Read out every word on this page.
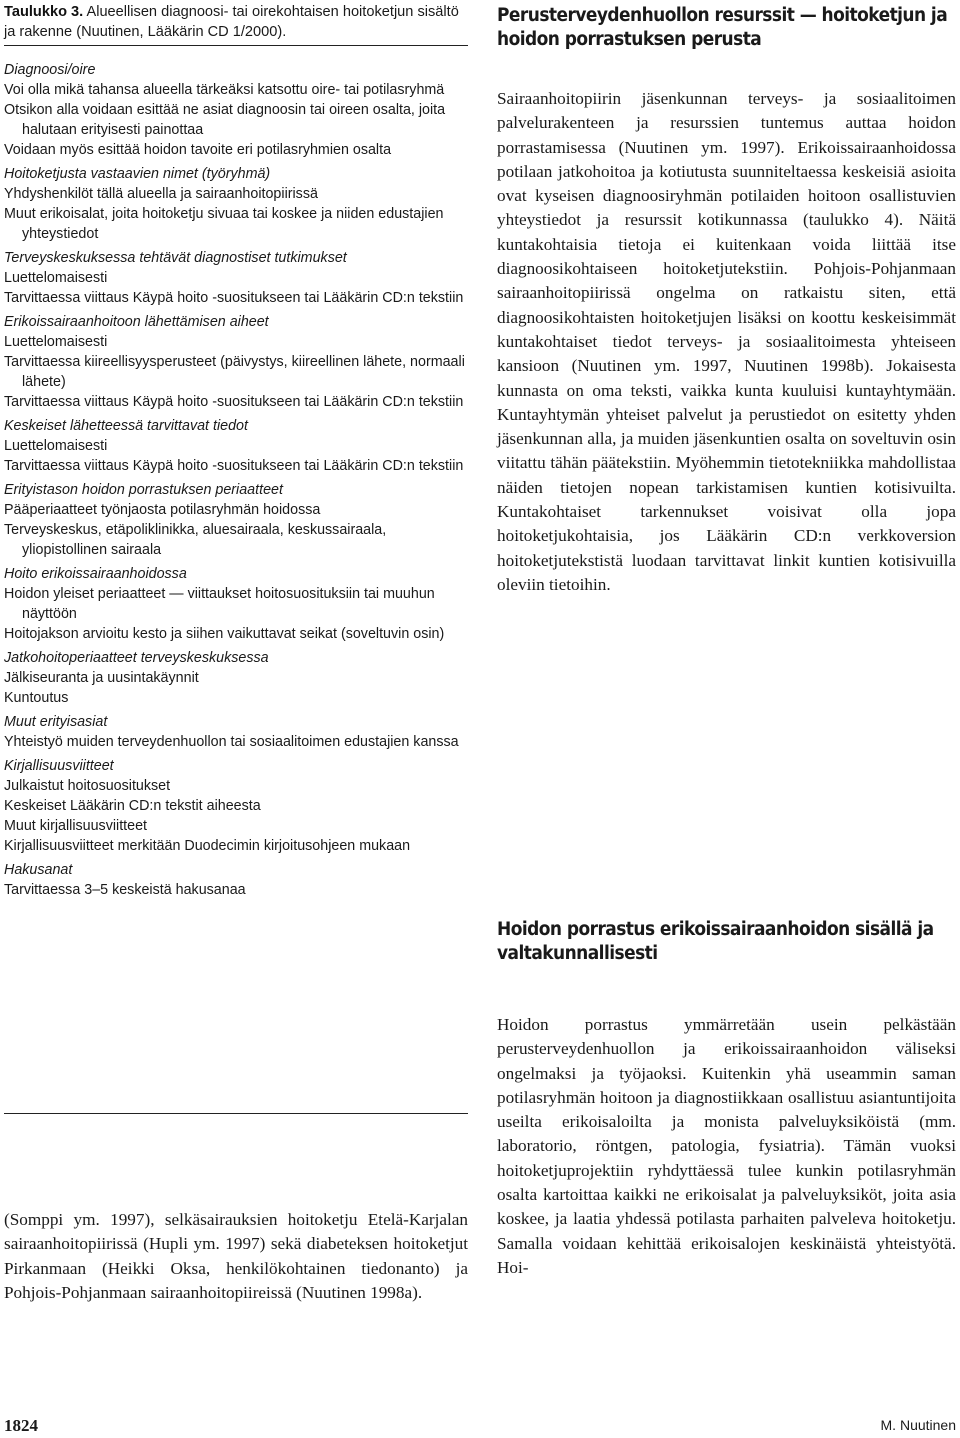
Taulukko 3. Alueellisen diagnoosi- tai oirekohtaisen hoitoketjun sisältö ja rakenne (Nuutinen, Lääkärin CD 1/2000).

Diagnoosi/oire

Voi olla mikä tahansa alueella tärkeäksi katsottu oire- tai potilasryhmä

Otsikon alla voidaan esittää ne asiat diagnoosin tai oireen osalta, joita halutaan erityisesti painottaa

Voidaan myös esittää hoidon tavoite eri potilasryhmien osalta

Hoitoketjusta vastaavien nimet (työryhmä)

Yhdyshenkilöt tällä alueella ja sairaanhoitopiirissä

Muut erikoisalat, joita hoitoketju sivuaa tai koskee ja niiden edustajien yhteystiedot

Terveyskeskuksessa tehtävät diagnostiset tutkimukset

Luettelomaisesti

Tarvittaessa viittaus Käypä hoito -suositukseen tai Lääkärin CD:n tekstiin

Erikoissairaanhoitoon lähettämisen aiheet

Luettelomaisesti

Tarvittaessa kiireellisyysperusteet (päivystys, kiireellinen lähete, normaali lähete)

Tarvittaessa viittaus Käypä hoito -suositukseen tai Lääkärin CD:n tekstiin

Keskeiset lähetteessä tarvittavat tiedot

Luettelomaisesti

Tarvittaessa viittaus Käypä hoito -suositukseen tai Lääkärin CD:n tekstiin

Erityistason hoidon porrastuksen periaatteet

Pääperiaatteet työnjaosta potilasryhmän hoidossa

Terveyskeskus, etäpoliklinikka, aluesairaala, keskussairaala, yliopistollinen sairaala

Hoito erikoissairaanhoidossa

Hoidon yleiset periaatteet — viittaukset hoitosuosituksiin tai muuhun näyttöön

Hoitojakson arvioitu kesto ja siihen vaikuttavat seikat (soveltuvin osin)

Jatkohoitoperiaatteet terveyskeskuksessa

Jälkiseuranta ja uusintakäynnit

Kuntoutus

Muut erityisasiat

Yhteistyö muiden terveydenhuollon tai sosiaalitoimen edustajien kanssa

Kirjallisuusviitteet

Julkaistut hoitosuositukset

Keskeiset Lääkärin CD:n tekstit aiheesta

Muut kirjallisuusviitteet

Kirjallisuusviitteet merkitään Duodecimin kirjoitusohjeen mukaan

Hakusanat

Tarvittaessa 3–5 keskeistä hakusanaa

(Somppi ym. 1997), selkäsairauksien hoitoketju Etelä-Karjalan sairaanhoitopiirissä (Hupli ym. 1997) sekä diabeteksen hoitoketjut Pirkanmaan (Heikki Oksa, henkilökohtainen tiedonanto) ja Pohjois-Pohjanmaan sairaanhoitopiireissä (Nuutinen 1998a).

Perusterveydenhuollon resurssit — hoitoketjun ja hoidon porrastuksen perusta

Sairaanhoitopiirin jäsenkunnan terveys- ja sosiaalitoimen palvelurakenteen ja resurssien tuntemus auttaa hoidon porrastamisessa (Nuutinen ym. 1997). Erikoissairaanhoidossa potilaan jatkohoitoa ja kotiutusta suunniteltaessa keskeisiä asioita ovat kyseisen diagnoosiryhmän potilaiden hoitoon osallistuvien yhteystiedot ja resurssit kotikunnassa (taulukko 4). Näitä kuntakohtaisia tietoja ei kuitenkaan voida liittää itse diagnoosikohtaiseen hoitoketjutekstiin. Pohjois-Pohjanmaan sairaanhoitopiirissä ongelma on ratkaistu siten, että diagnoosikohtaisten hoitoketjujen lisäksi on koottu keskeisimmät kuntakohtaiset tiedot terveys- ja sosiaalitoimesta yhteiseen kansioon (Nuutinen ym. 1997, Nuutinen 1998b). Jokaisesta kunnasta on oma teksti, vaikka kunta kuuluisi kuntayhtymään. Kuntayhtymän yhteiset palvelut ja perustiedot on esitetty yhden jäsenkunnan alla, ja muiden jäsenkuntien osalta on soveltuvin osin viitattu tähän päätekstiin. Myöhemmin tietotekniikka mahdollistaa näiden tietojen nopean tarkistamisen kuntien kotisivuilta. Kuntakohtaiset tarkennukset voisivat olla jopa hoitoketjukohtaisia, jos Lääkärin CD:n verkkoversion hoitoketjutekstistä luodaan tarvittavat linkit kuntien kotisivuilla oleviin tietoihin.

Hoidon porrastus erikoissairaanhoidon sisällä ja valtakunnallisesti

Hoidon porrastus ymmärretään usein pelkästään perusterveydenhuollon ja erikoissairaanhoidon väliseksi ongelmaksi ja työjaoksi. Kuitenkin yhä useammin saman potilasryhmän hoitoon ja diagnostiikkaan osallistuu asiantuntijoita useilta erikoisaloilta ja monista palveluyksiköistä (mm. laboratorio, röntgen, patologia, fysiatria). Tämän vuoksi hoitoketjuprojektiin ryhdyttäessä tulee kunkin potilasryhmän osalta kartoittaa kaikki ne erikoisalat ja palveluyksiköt, joita asia koskee, ja laatia yhdessä potilasta parhaiten palveleva hoitoketju. Samalla voidaan kehittää erikoisalojen keskinäistä yhteistyötä. Hoi-

1824	M. Nuutinen
